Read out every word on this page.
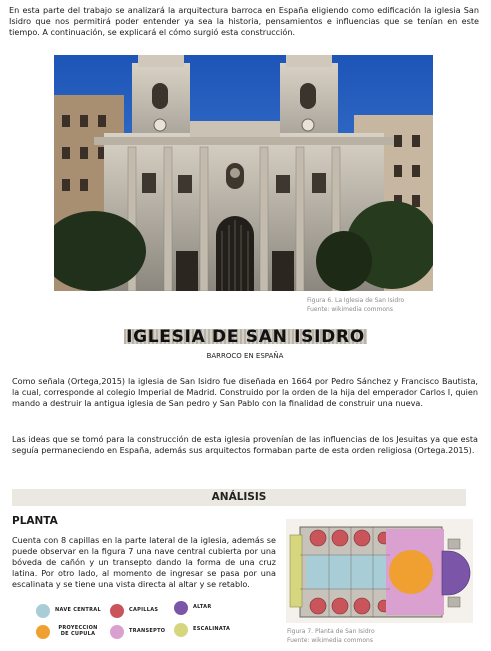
En esta parte del trabajo se analizará la arquitectura barroca en España eligiendo como edificación la iglesia San Isidro que nos permitirá poder entender ya sea la historia, pensamientos e influencias que se tenían en este tiempo. A continuación, se explicará el cómo surgió esta construcción.
Figura 6. La Iglesia de San Isidro
Fuente: wikimedia commons
IGLESIA DE SAN ISIDRO
BARROCO EN ESPAÑA
Como señala (Ortega,2015) la iglesia de San Isidro fue diseñada en 1664 por Pedro Sánchez y Francisco Bautista, la cual, corresponde al colegio Imperial de Madrid. Construido por la orden de la hija del emperador Carlos I, quien mando a destruir la antigua iglesia de San pedro y San Pablo con la finalidad de construir una nueva.
Las ideas que se tomó para la construcción de esta iglesia provenían de las influencias de los Jesuitas ya que esta seguía permaneciendo en España, además sus arquitectos formaban parte de esta orden religiosa (Ortega.2015).
ANÁLISIS
PLANTA
Cuenta con 8 capillas en la parte lateral de la iglesia, además se puede observar en la figura 7 una nave central cubierta por una bóveda de cañón y un transepto dando la forma de una cruz latina. Por otro lado, al momento de ingresar se pasa por una escalinata y se tiene una vista directa al altar y se retablo.
NAVE CENTRAL	CAPILLAS	ALTAR
PROYECCION DE CUPULA	TRANSEPTO	ESCALINATA	Figura 7. Planta de San Isidro
Fuente: wikimedia commons
